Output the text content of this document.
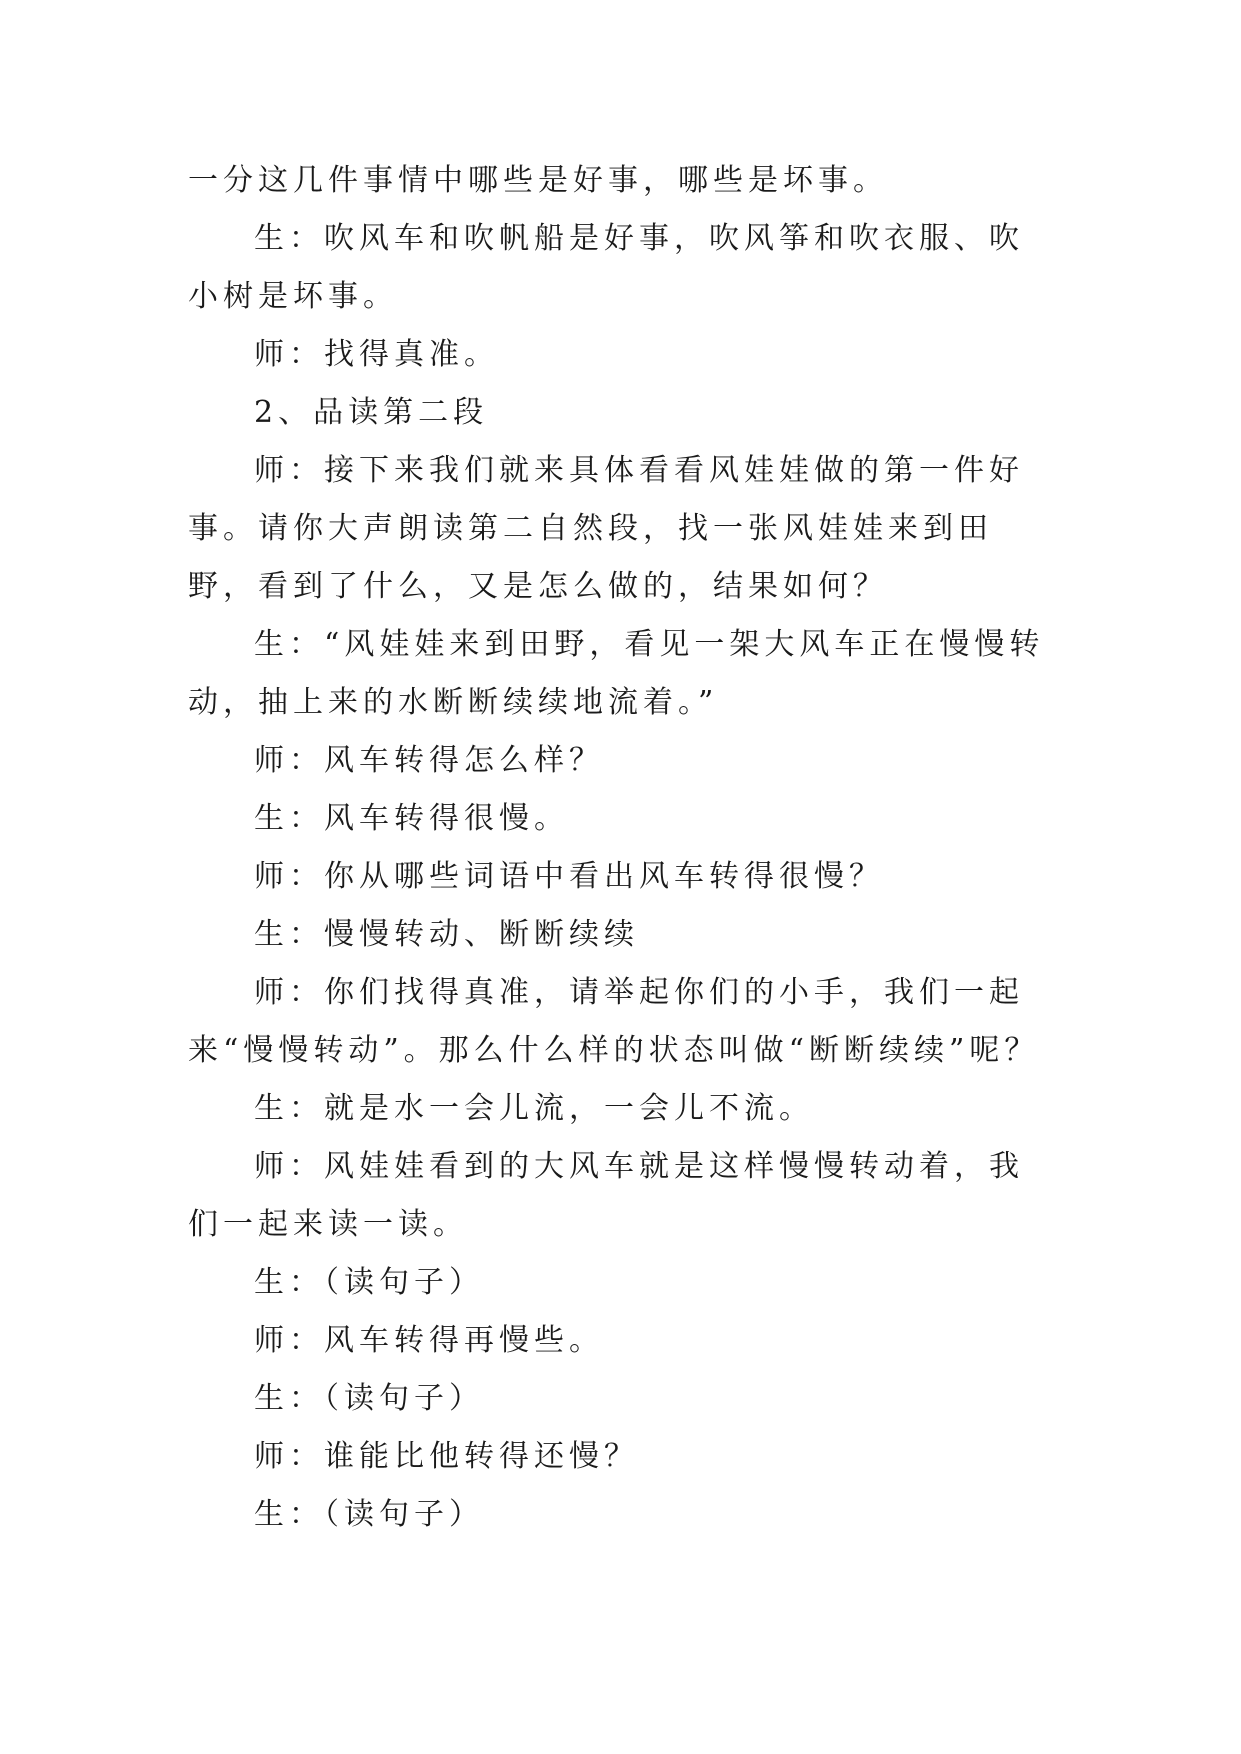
一分这几件事情中哪些是好事，哪些是坏事。

生：吹风车和吹帆船是好事，吹风筝和吹衣服、吹小树是坏事。

师：找得真准。

2、品读第二段

师：接下来我们就来具体看看风娃娃做的第一件好事。请你大声朗读第二自然段，找一张风娃娃来到田野，看到了什么，又是怎么做的，结果如何？

生：“风娃娃来到田野，看见一架大风车正在慢慢转动，抽上来的水断断续续地流着。”

师：风车转得怎么样？

生：风车转得很慢。

师：你从哪些词语中看出风车转得很慢？

生：慢慢转动、断断续续

师：你们找得真准，请举起你们的小手，我们一起来“慢慢转动”。那么什么样的状态叫做“断断续续”呢？

生：就是水一会儿流，一会儿不流。

师：风娃娃看到的大风车就是这样慢慢转动着，我们一起来读一读。

生：（读句子）

师：风车转得再慢些。

生：（读句子）

师：谁能比他转得还慢？

生：（读句子）
